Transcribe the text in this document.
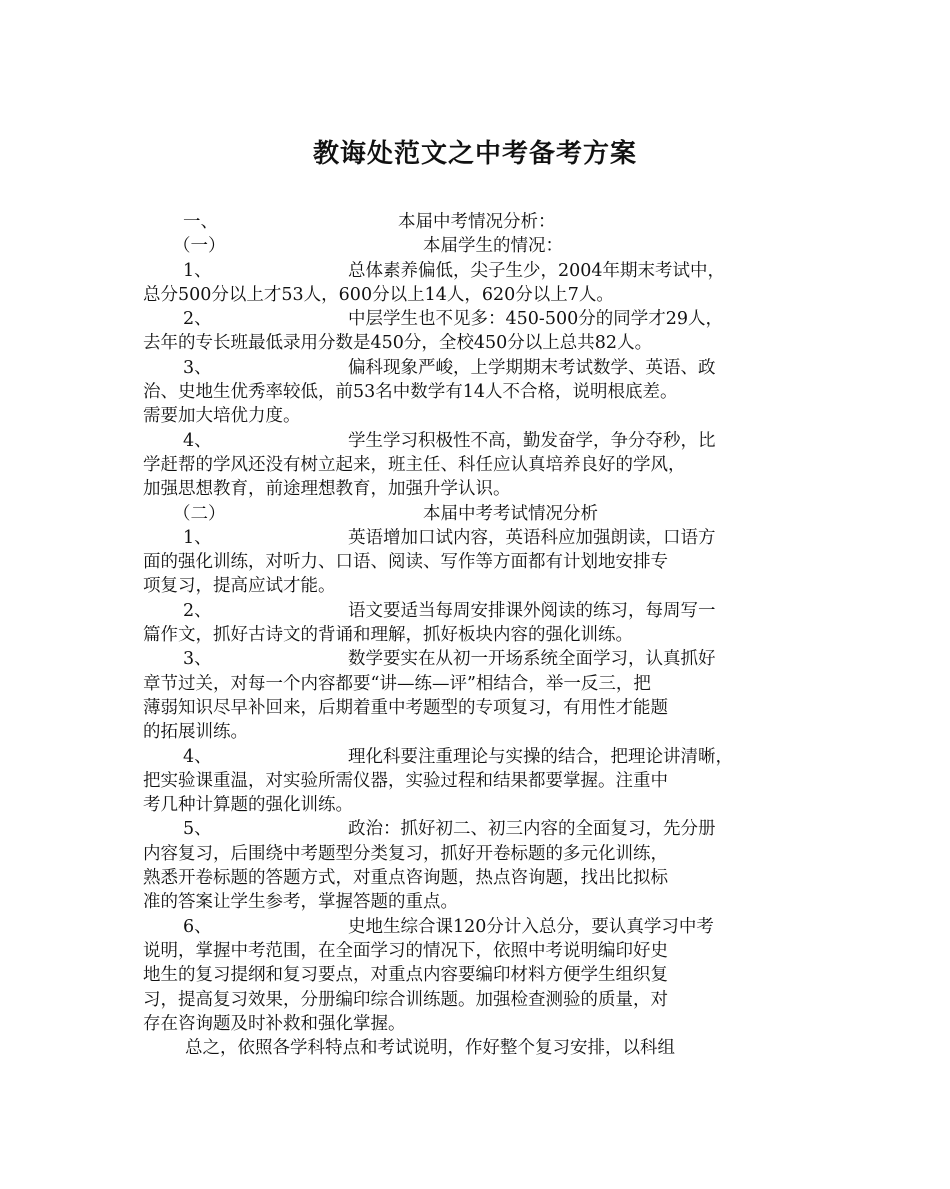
教诲处范文之中考备考方案
一、	本届中考情况分析：
（一）	本届学生的情况：
1、	总体素养偏低，尖子生少，2004年期末考试中，
总分500分以上才53人，600分以上14人，620分以上7人。
2、	中层学生也不见多：450-500分的同学才29人，
去年的专长班最低录用分数是450分，全校450分以上总共82人。
3、	偏科现象严峻，上学期期末考试数学、英语、政
治、史地生优秀率较低，前53名中数学有14人不合格，说明根底差。
需要加大培优力度。
4、	学生学习积极性不高，勤发奋学，争分夺秒，比
学赶帮的学风还没有树立起来，班主任、科任应认真培养良好的学风，
加强思想教育，前途理想教育，加强升学认识。
（二）	本届中考考试情况分析
1、	英语增加口试内容，英语科应加强朗读，口语方
面的强化训练，对听力、口语、阅读、写作等方面都有计划地安排专
项复习，提高应试才能。
2、	语文要适当每周安排课外阅读的练习，每周写一
篇作文，抓好古诗文的背诵和理解，抓好板块内容的强化训练。
3、	数学要实在从初一开场系统全面学习，认真抓好
章节过关，对每一个内容都要“讲—练—评”相结合，举一反三，把
薄弱知识尽早补回来，后期着重中考题型的专项复习，有用性才能题
的拓展训练。
4、	理化科要注重理论与实操的结合，把理论讲清晰，
把实验课重温，对实验所需仪器，实验过程和结果都要掌握。注重中
考几种计算题的强化训练。
5、	政治：抓好初二、初三内容的全面复习，先分册
内容复习，后围绕中考题型分类复习，抓好开卷标题的多元化训练，
熟悉开卷标题的答题方式，对重点咨询题，热点咨询题，找出比拟标
准的答案让学生参考，掌握答题的重点。
6、	史地生综合课120分计入总分，要认真学习中考
说明，掌握中考范围，在全面学习的情况下，依照中考说明编印好史
地生的复习提纲和复习要点，对重点内容要编印材料方便学生组织复
习，提高复习效果，分册编印综合训练题。加强检查测验的质量，对
存在咨询题及时补救和强化掌握。
总之，依照各学科特点和考试说明，作好整个复习安排，以科组
